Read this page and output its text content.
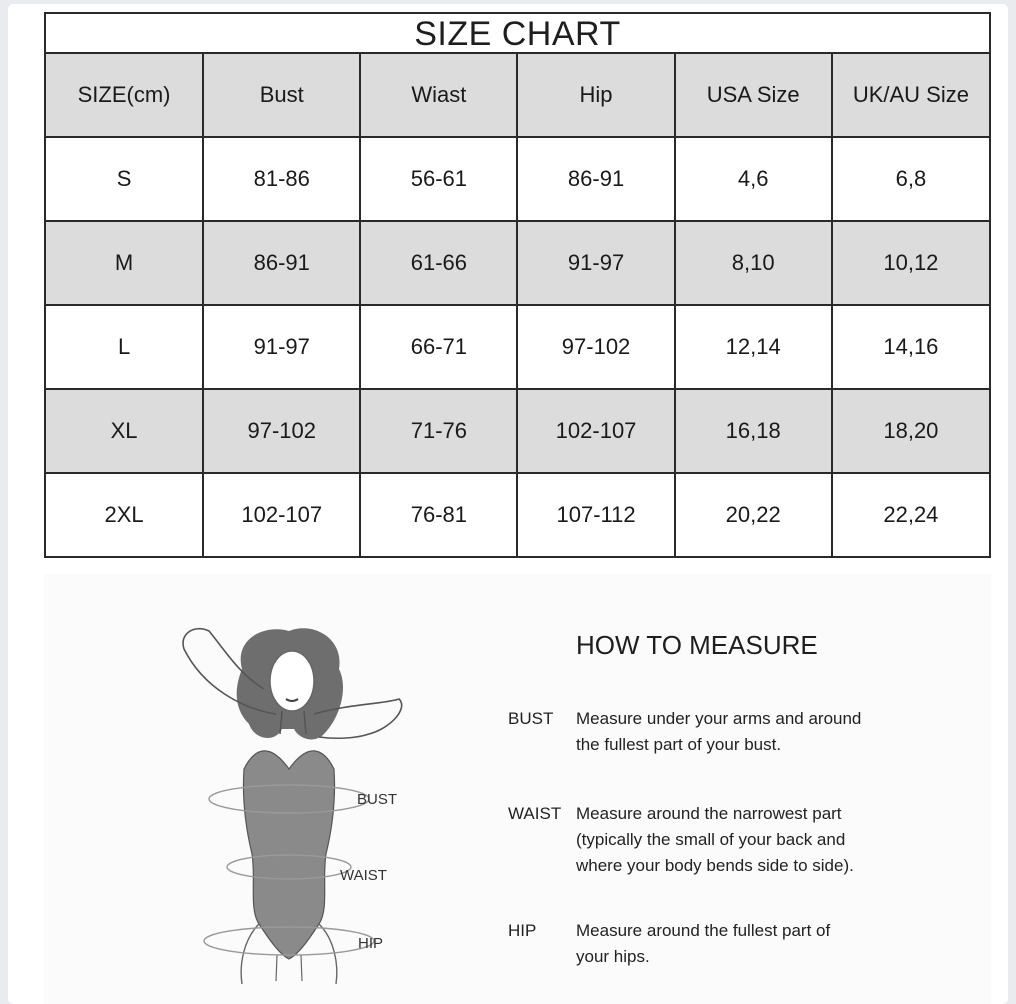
SIZE CHART
SIZE(cm)	Bust	Wiast	Hip	USA Size	UK/AU Size
S	81-86	56-61	86-91	4,6	6,8
M	86-91	61-66	91-97	8,10	10,12
L	91-97	66-71	97-102	12,14	14,16
XL	97-102	71-76	102-107	16,18	18,20
2XL	102-107	76-81	107-112	20,22	22,24
BUST
WAIST
HIP
HOW TO MEASURE
BUST	Measure under your arms and around
the fullest part of your bust.
WAIST Measure around the narrowest part
(typically the small of your back and
where your body bends side to side).
HIP	Measure around the fullest part of
your hips.
